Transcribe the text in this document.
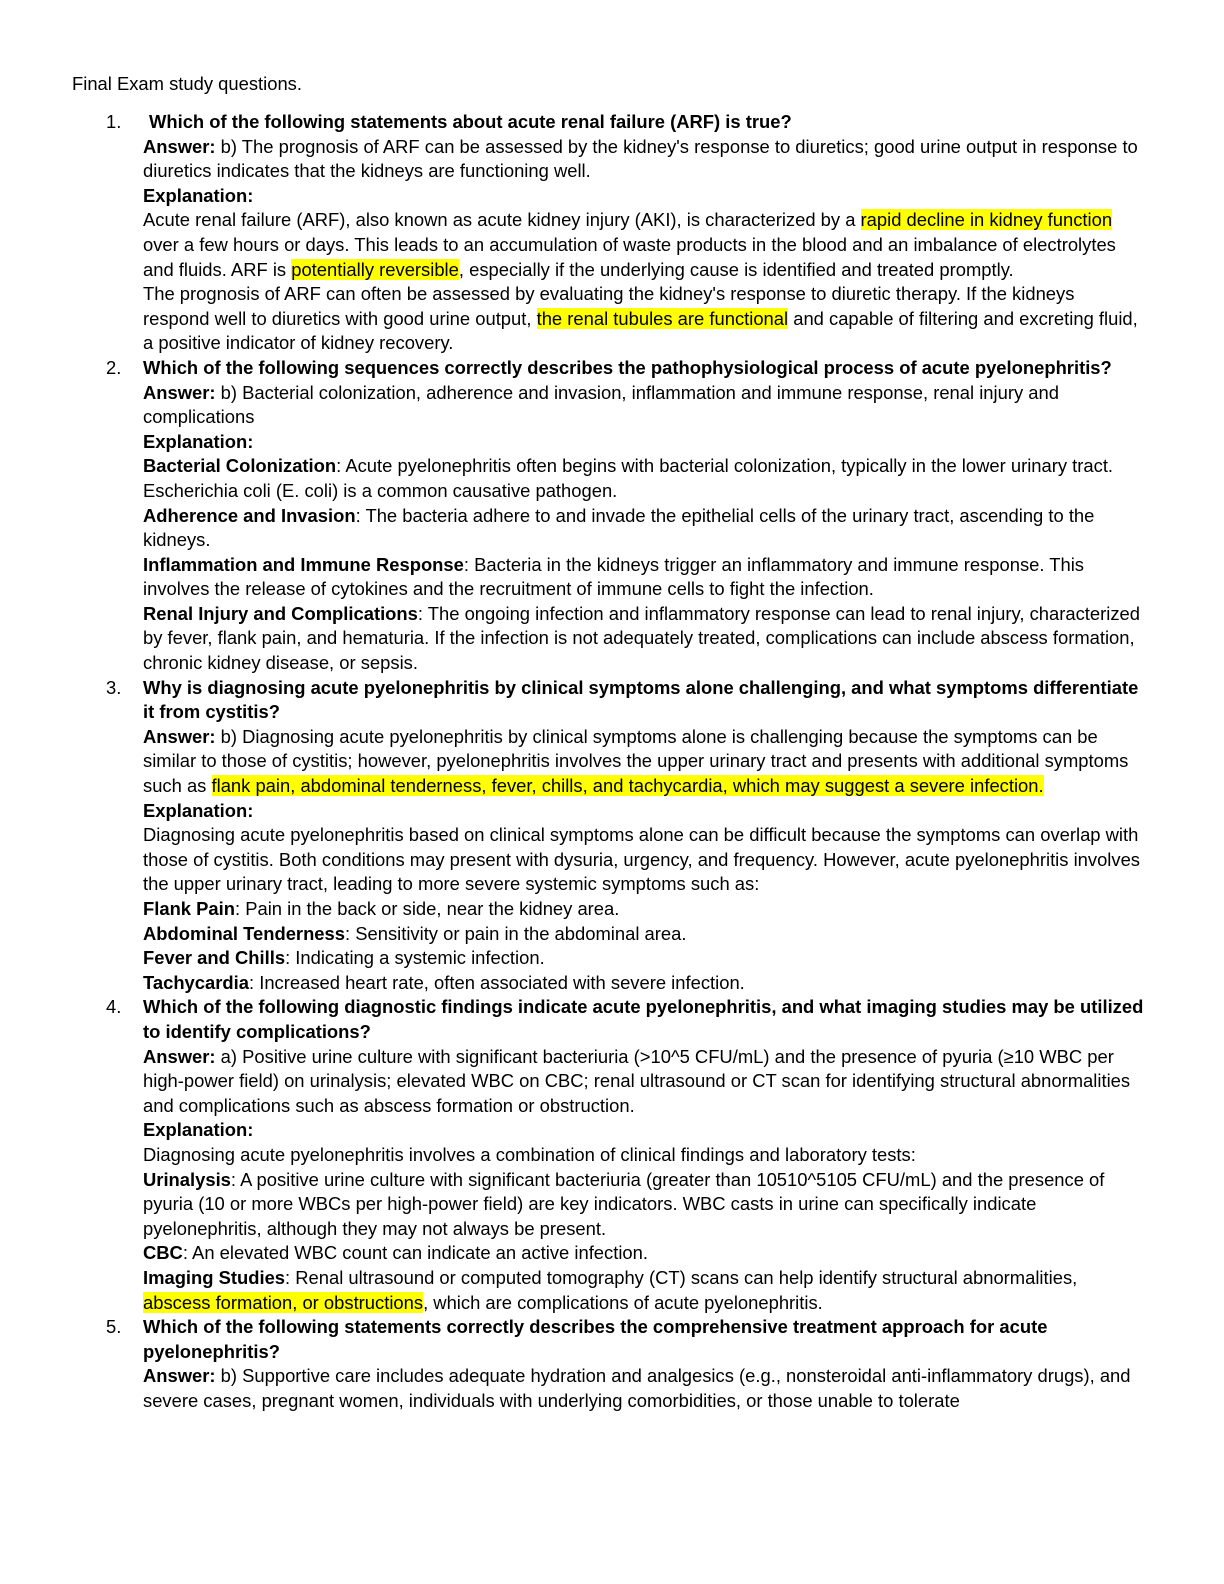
Final Exam study questions.
1.	Which of the following statements about acute renal failure (ARF) is true?

Answer: b) The prognosis of ARF can be assessed by the kidney's response to diuretics; good urine output in response to diuretics indicates that the kidneys are functioning well.

Explanation:

Acute renal failure (ARF), also known as acute kidney injury (AKI), is characterized by a rapid decline in kidney function over a few hours or days. This leads to an accumulation of waste products in the blood and an imbalance of electrolytes and fluids. ARF is potentially reversible, especially if the underlying cause is identified and treated promptly.

The prognosis of ARF can often be assessed by evaluating the kidney's response to diuretic therapy. If the kidneys respond well to diuretics with good urine output, the renal tubules are functional and capable of filtering and excreting fluid, a positive indicator of kidney recovery.

2. Which of the following sequences correctly describes the pathophysiological process of acute pyelonephritis?

Answer: b) Bacterial colonization, adherence and invasion, inflammation and immune response, renal injury and complications

Explanation:

Bacterial Colonization: Acute pyelonephritis often begins with bacterial colonization, typically in the lower urinary tract. Escherichia coli (E. coli) is a common causative pathogen.

Adherence and Invasion: The bacteria adhere to and invade the epithelial cells of the urinary tract, ascending to the kidneys.

Inflammation and Immune Response: Bacteria in the kidneys trigger an inflammatory and immune response. This involves the release of cytokines and the recruitment of immune cells to fight the infection.

Renal Injury and Complications: The ongoing infection and inflammatory response can lead to renal injury, characterized by fever, flank pain, and hematuria. If the infection is not adequately treated, complications can include abscess formation, chronic kidney disease, or sepsis.

3. Why is diagnosing acute pyelonephritis by clinical symptoms alone challenging, and what symptoms differentiate it from cystitis?

Answer: b) Diagnosing acute pyelonephritis by clinical symptoms alone is challenging because the symptoms can be similar to those of cystitis; however, pyelonephritis involves the upper urinary tract and presents with additional symptoms such as flank pain, abdominal tenderness, fever, chills, and tachycardia, which may suggest a severe infection.

Explanation:

Diagnosing acute pyelonephritis based on clinical symptoms alone can be difficult because the symptoms can overlap with those of cystitis. Both conditions may present with dysuria, urgency, and frequency. However, acute pyelonephritis involves the upper urinary tract, leading to more severe systemic symptoms such as:

Flank Pain: Pain in the back or side, near the kidney area.

Abdominal Tenderness: Sensitivity or pain in the abdominal area.

Fever and Chills: Indicating a systemic infection.

Tachycardia: Increased heart rate, often associated with severe infection.

4. Which of the following diagnostic findings indicate acute pyelonephritis, and what imaging studies may be utilized to identify complications?

Answer: a) Positive urine culture with significant bacteriuria (>10^5 CFU/mL) and the presence of pyuria (≥10 WBC per high-power field) on urinalysis; elevated WBC on CBC; renal ultrasound or CT scan for identifying structural abnormalities and complications such as abscess formation or obstruction.

Explanation:

Diagnosing acute pyelonephritis involves a combination of clinical findings and laboratory tests:

Urinalysis: A positive urine culture with significant bacteriuria (greater than 10510^5105 CFU/mL) and the presence of pyuria (10 or more WBCs per high-power field) are key indicators. WBC casts in urine can specifically indicate pyelonephritis, although they may not always be present.

CBC: An elevated WBC count can indicate an active infection.

Imaging Studies: Renal ultrasound or computed tomography (CT) scans can help identify structural abnormalities, abscess formation, or obstructions, which are complications of acute pyelonephritis.

5. Which of the following statements correctly describes the comprehensive treatment approach for acute pyelonephritis?

Answer: b) Supportive care includes adequate hydration and analgesics (e.g., nonsteroidal anti-inflammatory drugs), and severe cases, pregnant women, individuals with underlying comorbidities, or those unable to tolerate
